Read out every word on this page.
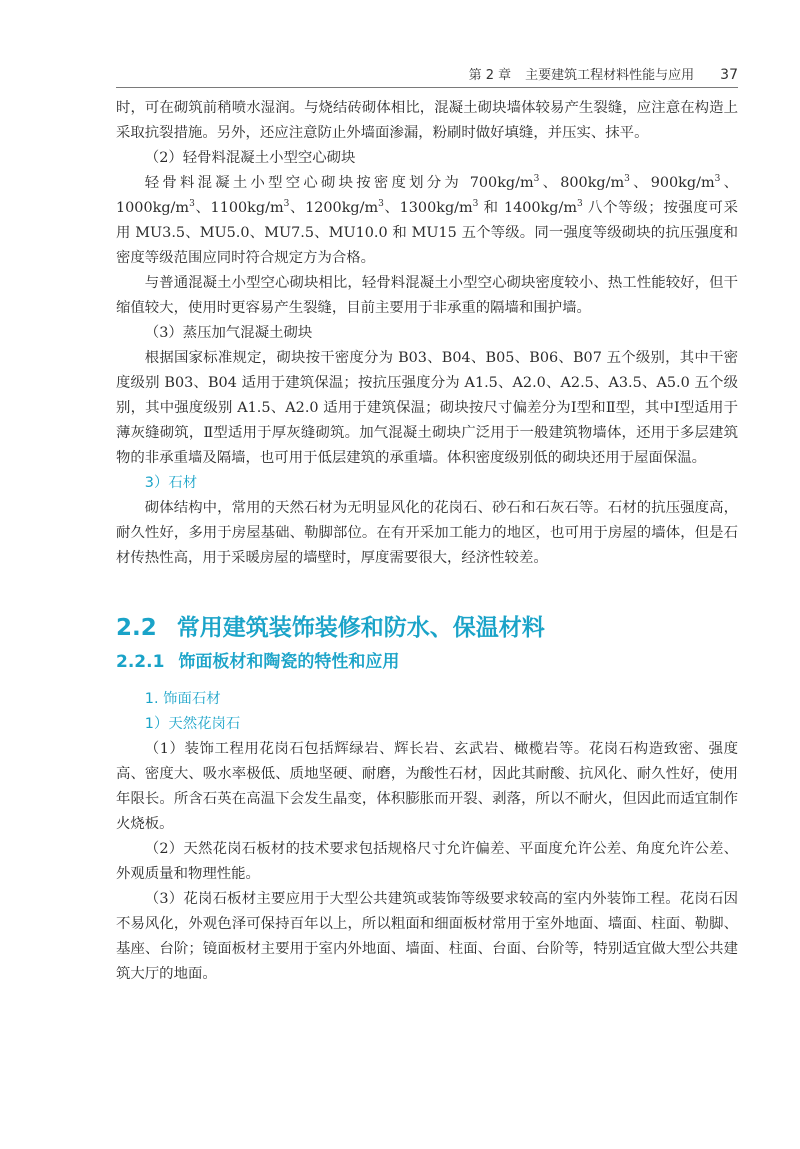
第 2 章 主要建筑工程材料性能与应用 37

时，可在砌筑前稍喷水湿润。与烧结砖砌体相比，混凝土砌块墙体较易产生裂缝，应注意在构造上采取抗裂措施。另外，还应注意防止外墙面渗漏，粉刷时做好填缝，并压实、抹平。

（2）轻骨料混凝土小型空心砌块

轻骨料混凝土小型空心砌块按密度划分为 $700kg/m^3$、$800kg/m^3$、$900kg/m^3$、$1000kg/m^3$、$1100kg/m^3$、$1200kg/m^3$、$1300kg/m^3$ 和 $1400kg/m^3$ 八个等级；按强度可采用 MU3.5、MU5.0、MU7.5、MU10.0 和 MU15 五个等级。同一强度等级砌块的抗压强度和密度等级范围应同时符合规定方为合格。

与普通混凝土小型空心砌块相比，轻骨料混凝土小型空心砌块密度较小、热工性能较好，但干缩值较大，使用时更容易产生裂缝，目前主要用于非承重的隔墙和围护墙。

（3）蒸压加气混凝土砌块

根据国家标准规定，砌块按干密度分为 B03、B04、B05、B06、B07 五个级别，其中干密度级别 B03、B04 适用于建筑保温；按抗压强度分为 A1.5、A2.0、A2.5、A3.5、A5.0 五个级别，其中强度级别 A1.5、A2.0 适用于建筑保温；砌块按尺寸偏差分为Ⅰ型和Ⅱ型，其中Ⅰ型适用于薄灰缝砌筑，Ⅱ型适用于厚灰缝砌筑。加气混凝土砌块广泛用于一般建筑物墙体，还用于多层建筑物的非承重墙及隔墙，也可用于低层建筑的承重墙。体积密度级别低的砌块还用于屋面保温。

3）石材

砌体结构中，常用的天然石材为无明显风化的花岗石、砂石和石灰石等。石材的抗压强度高，耐久性好，多用于房屋基础、勒脚部位。在有开采加工能力的地区，也可用于房屋的墙体，但是石材传热性高，用于采暖房屋的墙壁时，厚度需要很大，经济性较差。

2.2 常用建筑装饰装修和防水、保温材料
2.2.1 饰面板材和陶瓷的特性和应用
1. 饰面石材
1）天然花岗石

（1）装饰工程用花岗石包括辉绿岩、辉长岩、玄武岩、橄榄岩等。花岗石构造致密、强度高、密度大、吸水率极低、质地坚硬、耐磨，为酸性石材，因此其耐酸、抗风化、耐久性好，使用年限长。所含石英在高温下会发生晶变，体积膨胀而开裂、剥落，所以不耐火，但因此而适宜制作火烧板。

（2）天然花岗石板材的技术要求包括规格尺寸允许偏差、平面度允许公差、角度允许公差、外观质量和物理性能。

（3）花岗石板材主要应用于大型公共建筑或装饰等级要求较高的室内外装饰工程。花岗石因不易风化，外观色泽可保持百年以上，所以粗面和细面板材常用于室外地面、墙面、柱面、勒脚、基座、台阶；镜面板材主要用于室内外地面、墙面、柱面、台面、台阶等，特别适宜做大型公共建筑大厅的地面。
